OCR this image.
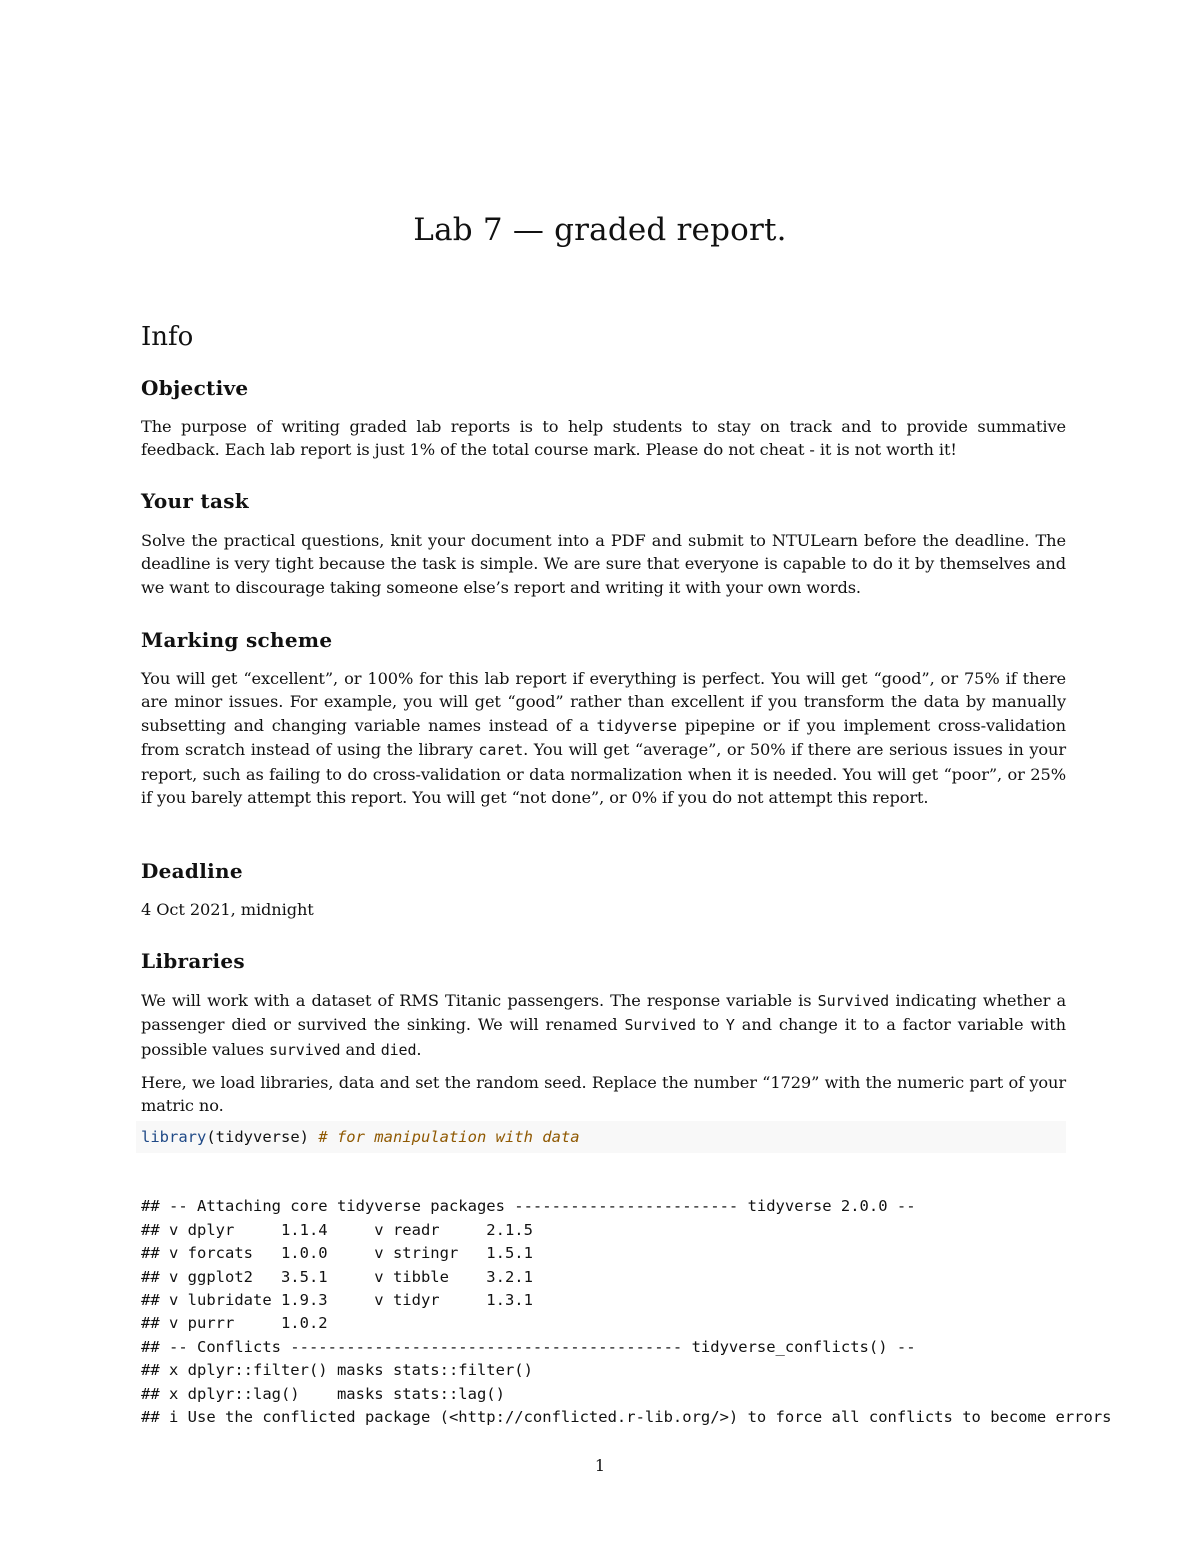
Lab 7 — graded report.
Info
Objective

The purpose of writing graded lab reports is to help students to stay on track and to provide summative feedback. Each lab report is just 1% of the total course mark. Please do not cheat - it is not worth it!

Your task

Solve the practical questions, knit your document into a PDF and submit to NTULearn before the deadline. The deadline is very tight because the task is simple. We are sure that everyone is capable to do it by themselves and we want to discourage taking someone else’s report and writing it with your own words.

Marking scheme

You will get “excellent”, or 100% for this lab report if everything is perfect. You will get “good”, or 75% if there are minor issues. For example, you will get “good” rather than excellent if you transform the data by manually subsetting and changing variable names instead of a tidyverse pipepine or if you implement cross-validation from scratch instead of using the library caret. You will get “average”, or 50% if there are serious issues in your report, such as failing to do cross-validation or data normalization when it is needed. You will get “poor”, or 25% if you barely attempt this report. You will get “not done”, or 0% if you do not attempt this report.

Deadline

4 Oct 2021, midnight

Libraries

We will work with a dataset of RMS Titanic passengers. The response variable is Survived indicating whether a passenger died or survived the sinking. We will renamed Survived to Y and change it to a factor variable with possible values survived and died.

Here, we load libraries, data and set the random seed. Replace the number “1729” with the numeric part of your matric no.

library(tidyverse) # for manipulation with data

## -- Attaching core tidyverse packages ------------------------ tidyverse 2.0.0 --
## v dplyr     1.1.4     v readr     2.1.5
## v forcats   1.0.0     v stringr   1.5.1
## v ggplot2   3.5.1     v tibble    3.2.1
## v lubridate 1.9.3     v tidyr     1.3.1
## v purrr     1.0.2
## -- Conflicts ------------------------------------------ tidyverse_conflicts() --
## x dplyr::filter() masks stats::filter()
## x dplyr::lag()    masks stats::lag()
## i Use the conflicted package (<http://conflicted.r-lib.org/>) to force all conflicts to become errors

1
